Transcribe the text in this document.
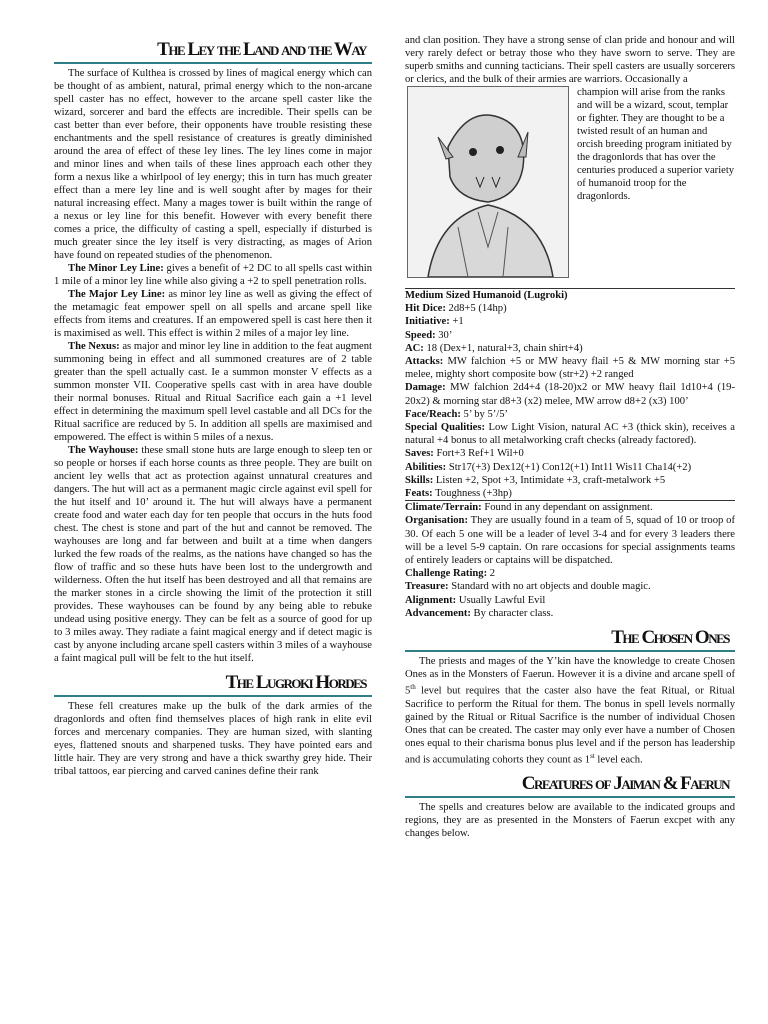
The Ley the Land and the Way

The surface of Kulthea is crossed by lines of magical energy which can be thought of as ambient, natural, primal energy which to the non-arcane spell caster has no effect, however to the arcane spell caster like the wizard, sorcerer and bard the effects are incredible. Their spells can be cast better than ever before, their opponents have trouble resisting these enchantments and the spell resistance of creatures is greatly diminished around the area of effect of these ley lines. The ley lines come in major and minor lines and when tails of these lines approach each other they form a nexus like a whirlpool of ley energy; this in turn has much greater effect than a mere ley line and is well sought after by mages for their natural increasing effect. Many a mages tower is built within the range of a nexus or ley line for this benefit. However with every benefit there comes a price, the difficulty of casting a spell, especially if disturbed is much greater since the ley itself is very distracting, as mages of Arion have found on repeated studies of the phenomenon.

The Minor Ley Line: gives a benefit of +2 DC to all spells cast within 1 mile of a minor ley line while also giving a +2 to spell penetration rolls.

The Major Ley Line: as minor ley line as well as giving the effect of the metamagic feat empower spell on all spells and arcane spell like effects from items and creatures. If an empowered spell is cast here then it is maximised as well. This effect is within 2 miles of a major ley line.

The Nexus: as major and minor ley line in addition to the feat augment summoning being in effect and all summoned creatures are of 2 table greater than the spell actually cast. Ie a summon monster V effects as a summon monster VII. Cooperative spells cast with in area have double their normal bonuses. Ritual and Ritual Sacrifice each gain a +1 level effect in determining the maximum spell level castable and all DCs for the Ritual sacrifice are reduced by 5. In addition all spells are maximised and empowered. The effect is within 5 miles of a nexus.

The Wayhouse: these small stone huts are large enough to sleep ten or so people or horses if each horse counts as three people. They are built on ancient ley wells that act as protection against unnatural creatures and dangers. The hut will act as a permanent magic circle against evil spell for the hut itself and 10’ around it. The hut will always have a permanent create food and water each day for ten people that occurs in the huts food chest. The chest is stone and part of the hut and cannot be removed. The wayhouses are long and far between and built at a time when dangers lurked the few roads of the realms, as the nations have changed so has the flow of traffic and so these huts have been lost to the undergrowth and wilderness. Often the hut itself has been destroyed and all that remains are the marker stones in a circle showing the limit of the protection it still provides. These wayhouses can be found by any being able to rebuke undead using positive energy. They can be felt as a source of good for up to 3 miles away. They radiate a faint magical energy and if detect magic is cast by anyone including arcane spell casters within 3 miles of a wayhouse a faint magical pull will be felt to the hut itself.

The Lugroki Hordes

These fell creatures make up the bulk of the dark armies of the dragonlords and often find themselves places of high rank in elite evil forces and mercenary companies. They are human sized, with slanting eyes, flattened snouts and sharpened tusks. They have pointed ears and little hair. They are very strong and have a thick swarthy grey hide. Their tribal tattoos, ear piercing and carved canines define their rank

and clan position. They have a strong sense of clan pride and honour and will very rarely defect or betray those who they have sworn to serve. They are superb smiths and cunning tacticians. Their spell casters are usually sorcerers or clerics, and the bulk of their armies are warriors. Occasionally a

champion will arise from the ranks and will be a wizard, scout, templar or fighter. They are thought to be a twisted result of an human and orcish breeding program initiated by the dragonlords that has over the centuries produced a superior variety of humanoid troop for the dragonlords.

Medium Sized Humanoid (Lugroki)

Hit Dice: 2d8+5 (14hp)

Initiative: +1

Speed: 30’

AC: 18 (Dex+1, natural+3, chain shirt+4)

Attacks: MW falchion +5 or MW heavy flail +5 & MW morning star +5 melee, mighty short composite bow (str+2) +2 ranged

Damage: MW falchion 2d4+4 (18-20)x2 or MW heavy flail 1d10+4 (19-20x2) & morning star d8+3 (x2) melee, MW arrow d8+2 (x3) 100’

Face/Reach: 5’ by 5’/5’

Special Qualities: Low Light Vision, natural AC +3 (thick skin), receives a natural +4 bonus to all metalworking craft checks (already factored).

Saves: Fort+3 Ref+1 Wil+0

Abilities: Str17(+3) Dex12(+1) Con12(+1) Int11 Wis11 Cha14(+2)

Skills: Listen +2, Spot +3, Intimidate +3, craft-metalwork +5

Feats: Toughness (+3hp)

Climate/Terrain: Found in any dependant on assignment.

Organisation: They are usually found in a team of 5, squad of 10 or troop of 30. Of each 5 one will be a leader of level 3-4 and for every 3 leaders there will be a level 5-9 captain. On rare occasions for special assignments teams of entirely leaders or captains will be dispatched.

Challenge Rating: 2

Treasure: Standard with no art objects and double magic.

Alignment: Usually Lawful Evil

Advancement: By character class.

The Chosen Ones

The priests and mages of the Y’kin have the knowledge to create Chosen Ones as in the Monsters of Faerun. However it is a divine and arcane spell of 5th level but requires that the caster also have the feat Ritual, or Ritual Sacrifice to perform the Ritual for them. The bonus in spell levels normally gained by the Ritual or Ritual Sacrifice is the number of individual Chosen Ones that can be created. The caster may only ever have a number of Chosen ones equal to their charisma bonus plus level and if the person has leadership and is accumulating cohorts they count as 1st level each.

Creatures of Jaiman & Faerun

The spells and creatures below are available to the indicated groups and regions, they are as presented in the Monsters of Faerun excpet with any changes below.
